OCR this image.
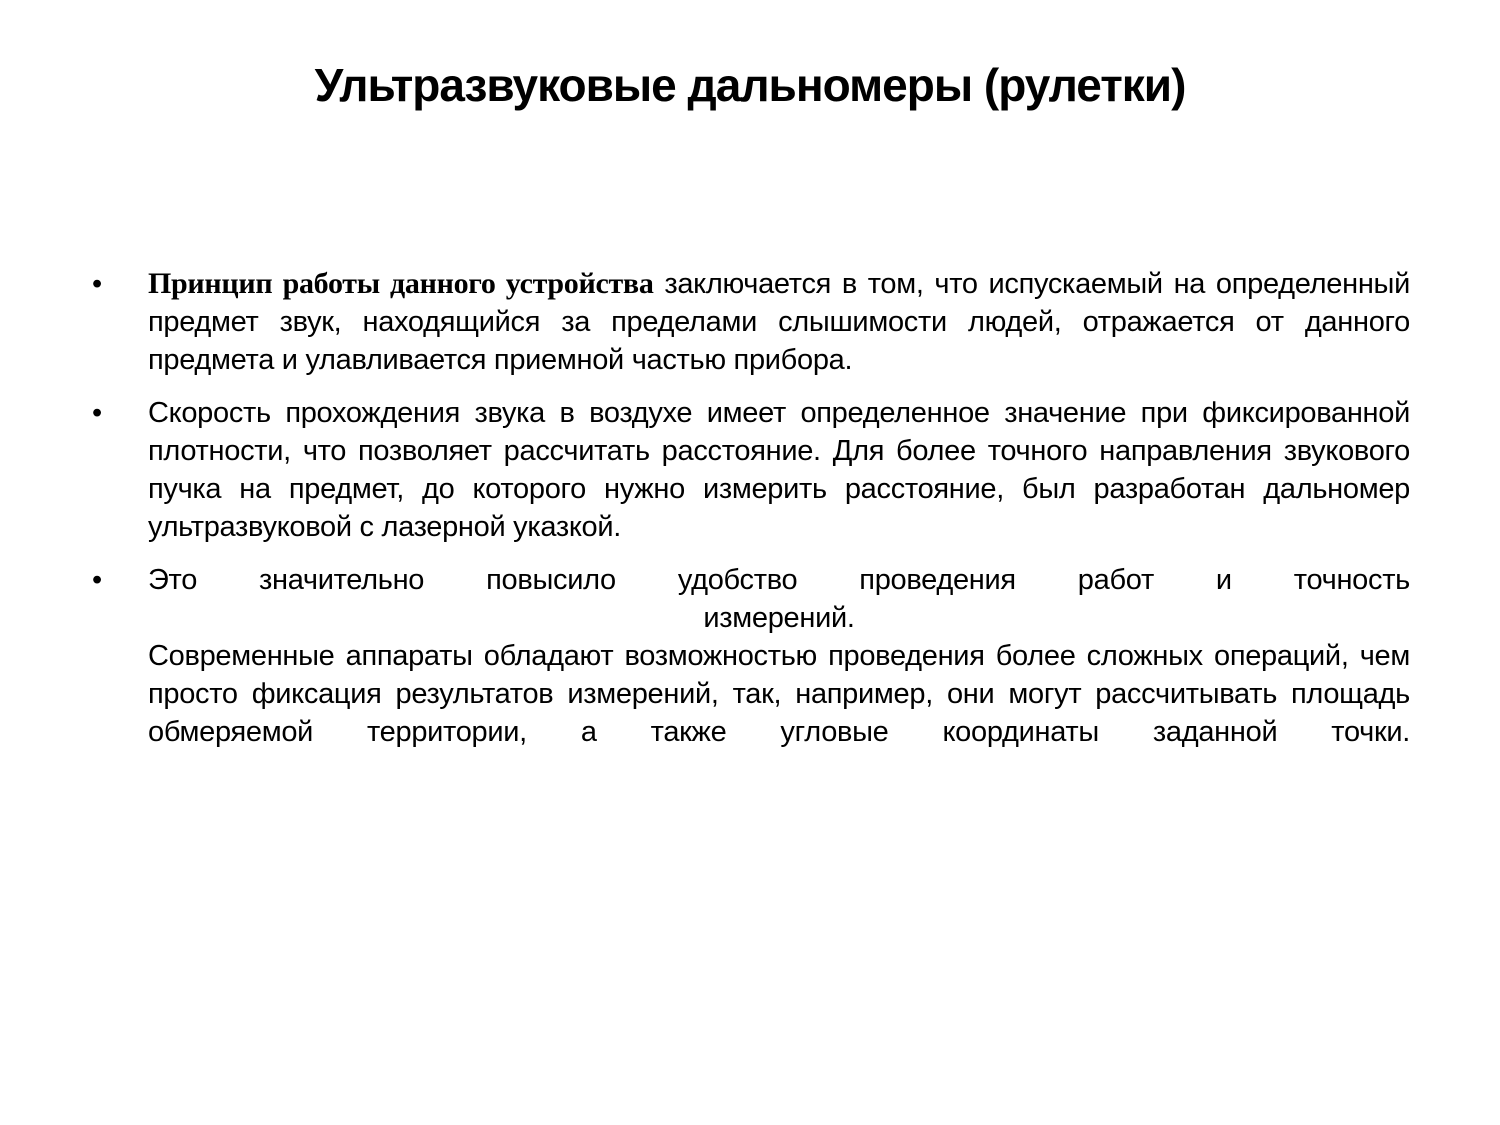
Ультразвуковые дальномеры (рулетки)
•	Принцип работы данного устройства заключается в том, что испускаемый на определенный предмет звук, находящийся за пределами слышимости людей, отражается от данного предмета и улавливается приемной частью прибора.
•	Скорость прохождения звука в воздухе имеет определенное значение при фиксированной плотности, что позволяет рассчитать расстояние. Для более точного направления звукового пучка на предмет, до которого нужно измерить расстояние, был разработан дальномер ультразвуковой с лазерной указкой.
•	Это значительно повысило удобство проведения работ и точность
измерений.
Современные аппараты обладают возможностью проведения более сложных операций, чем просто фиксация результатов измерений, так, например, они могут рассчитывать площадь обмеряемой территории, а также угловые координаты заданной точки.
